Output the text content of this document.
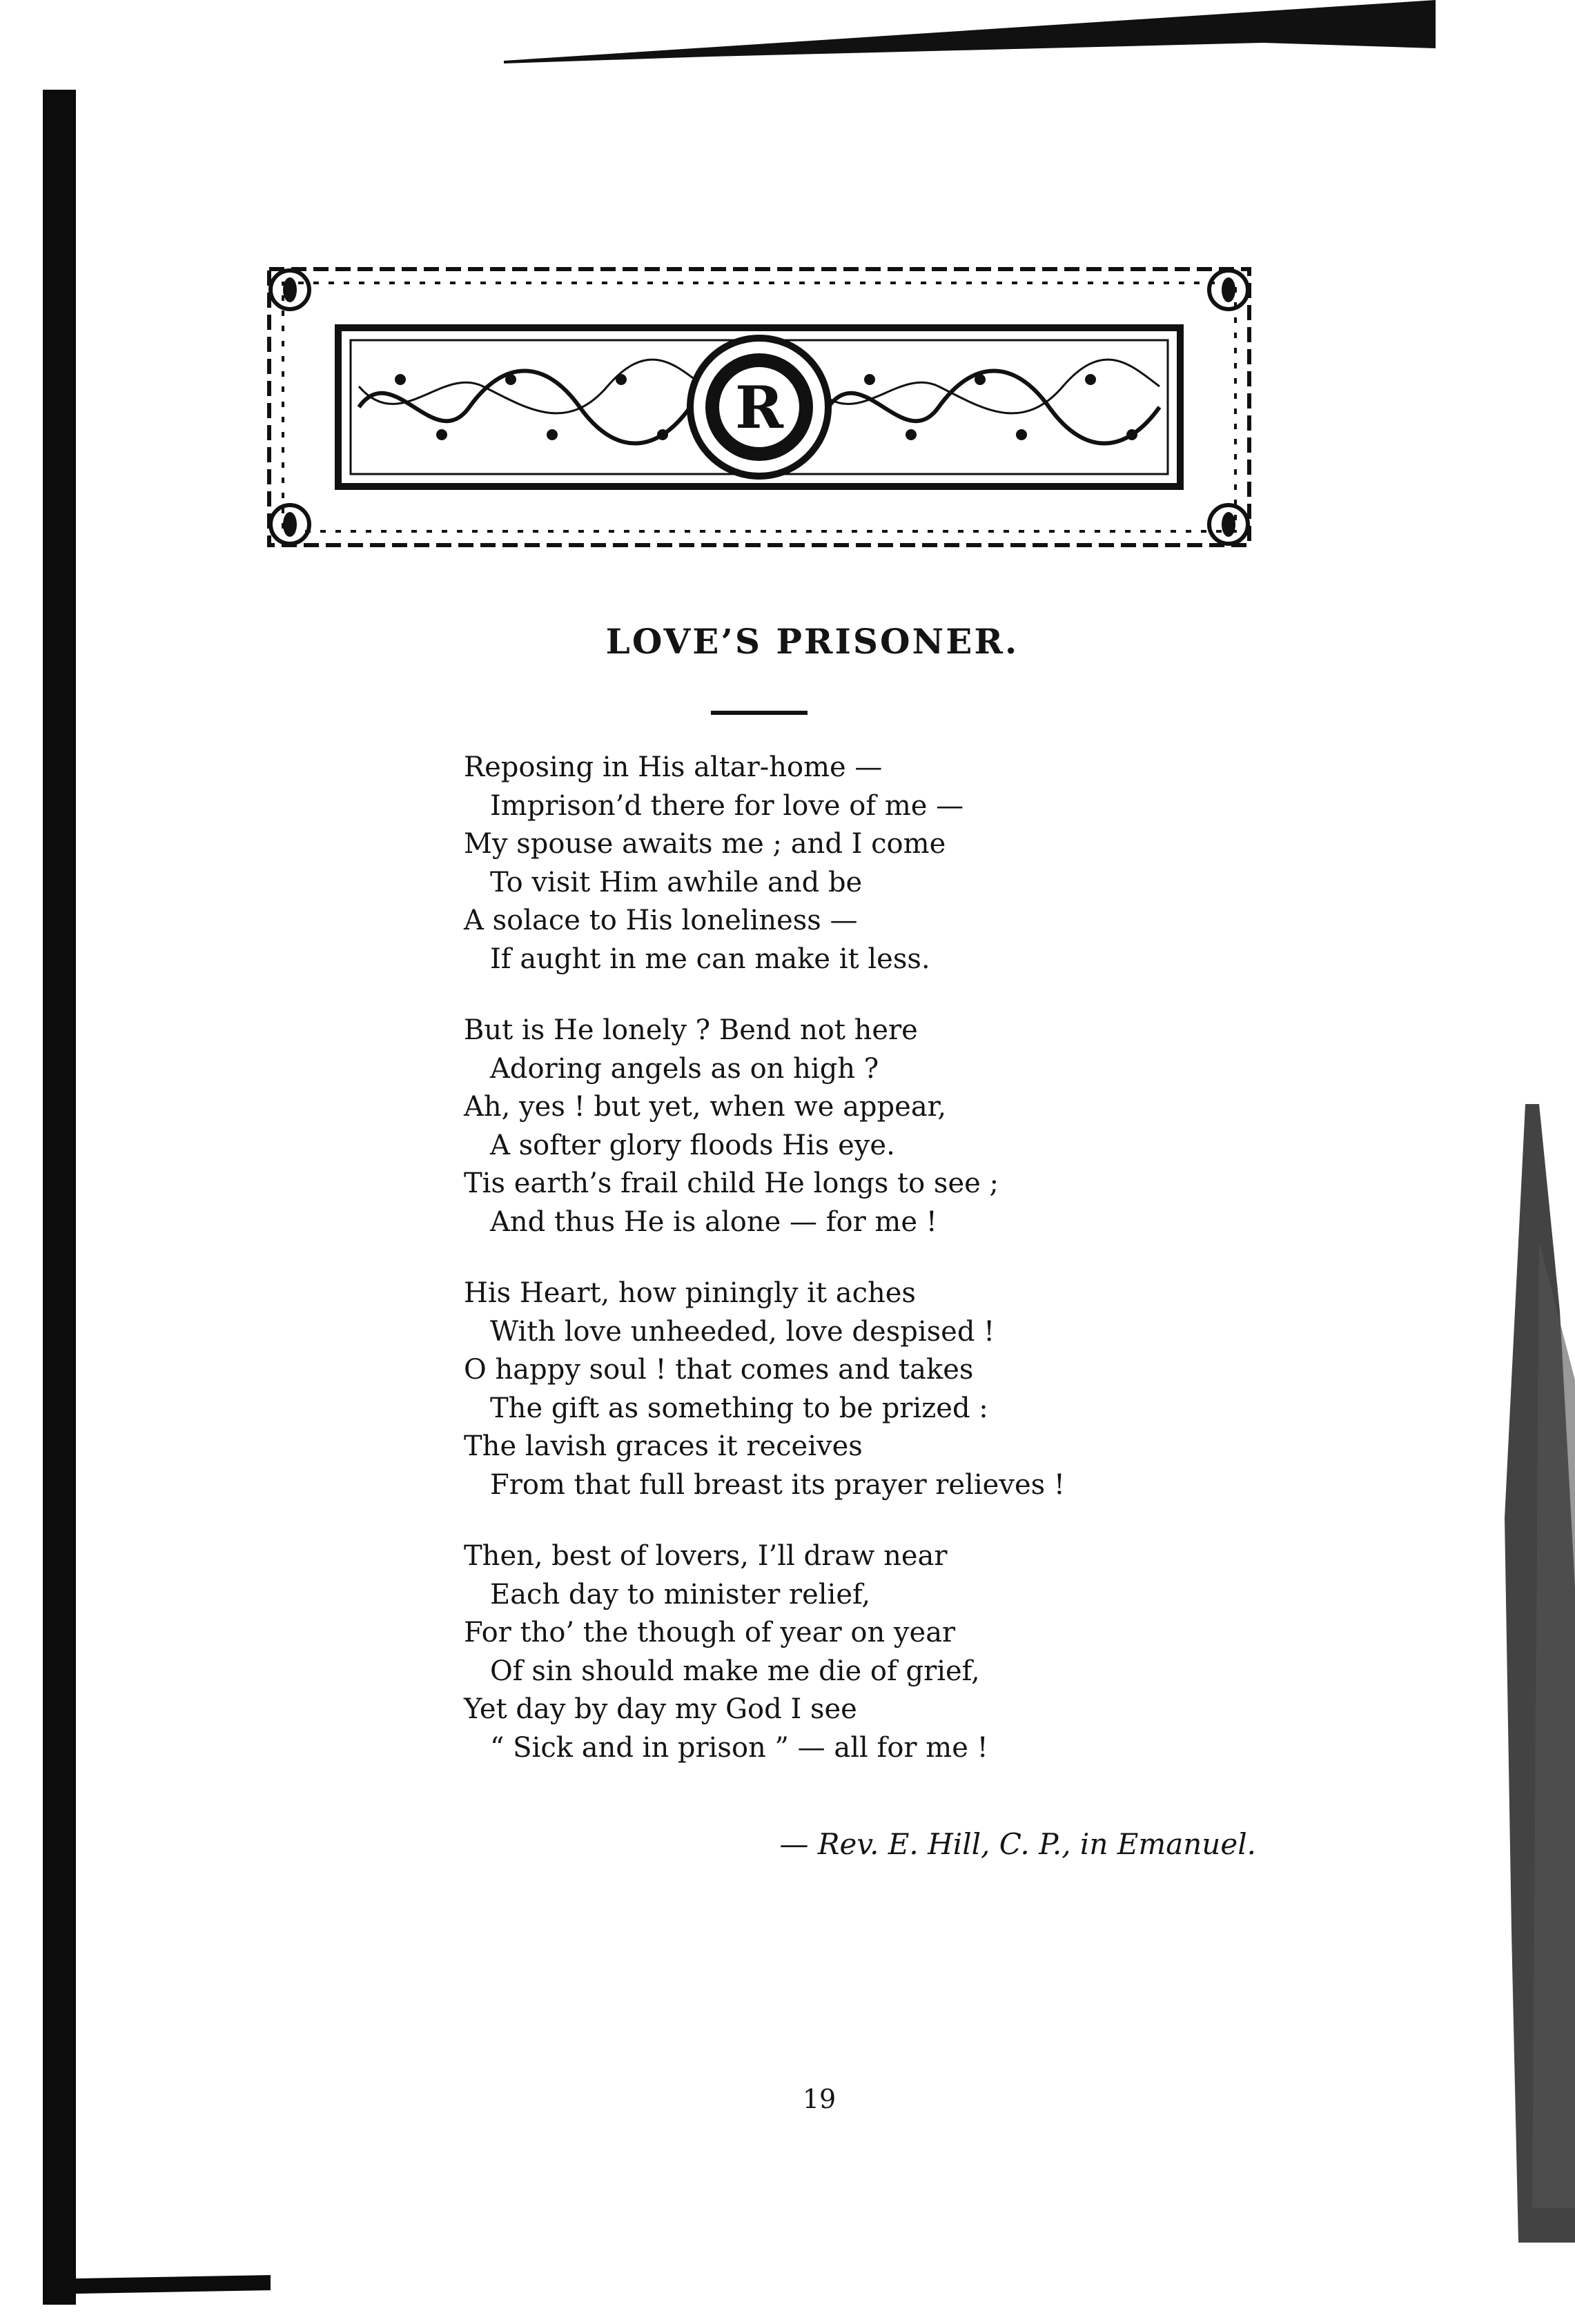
R
LOVE’S PRISONER.
Reposing in His altar-home —
Imprison’d there for love of me —
My spouse awaits me ; and I come
To visit Him awhile and be
A solace to His loneliness —
If aught in me can make it less.
But is He lonely ? Bend not here
Adoring angels as on high ?
Ah, yes ! but yet, when we appear,
A softer glory floods His eye.
Tis earth’s frail child He longs to see ;
And thus He is alone — for me !
His Heart, how piningly it aches
With love unheeded, love despised !
O happy soul ! that comes and takes
The gift as something to be prized :
The lavish graces it receives
From that full breast its prayer relieves !
Then, best of lovers, I’ll draw near
Each day to minister relief,
For tho’ the though of year on year
Of sin should make me die of grief,
Yet day by day my God I see
“ Sick and in prison ” — all for me !
— Rev. E. Hill, C. P., in Emanuel.
19
